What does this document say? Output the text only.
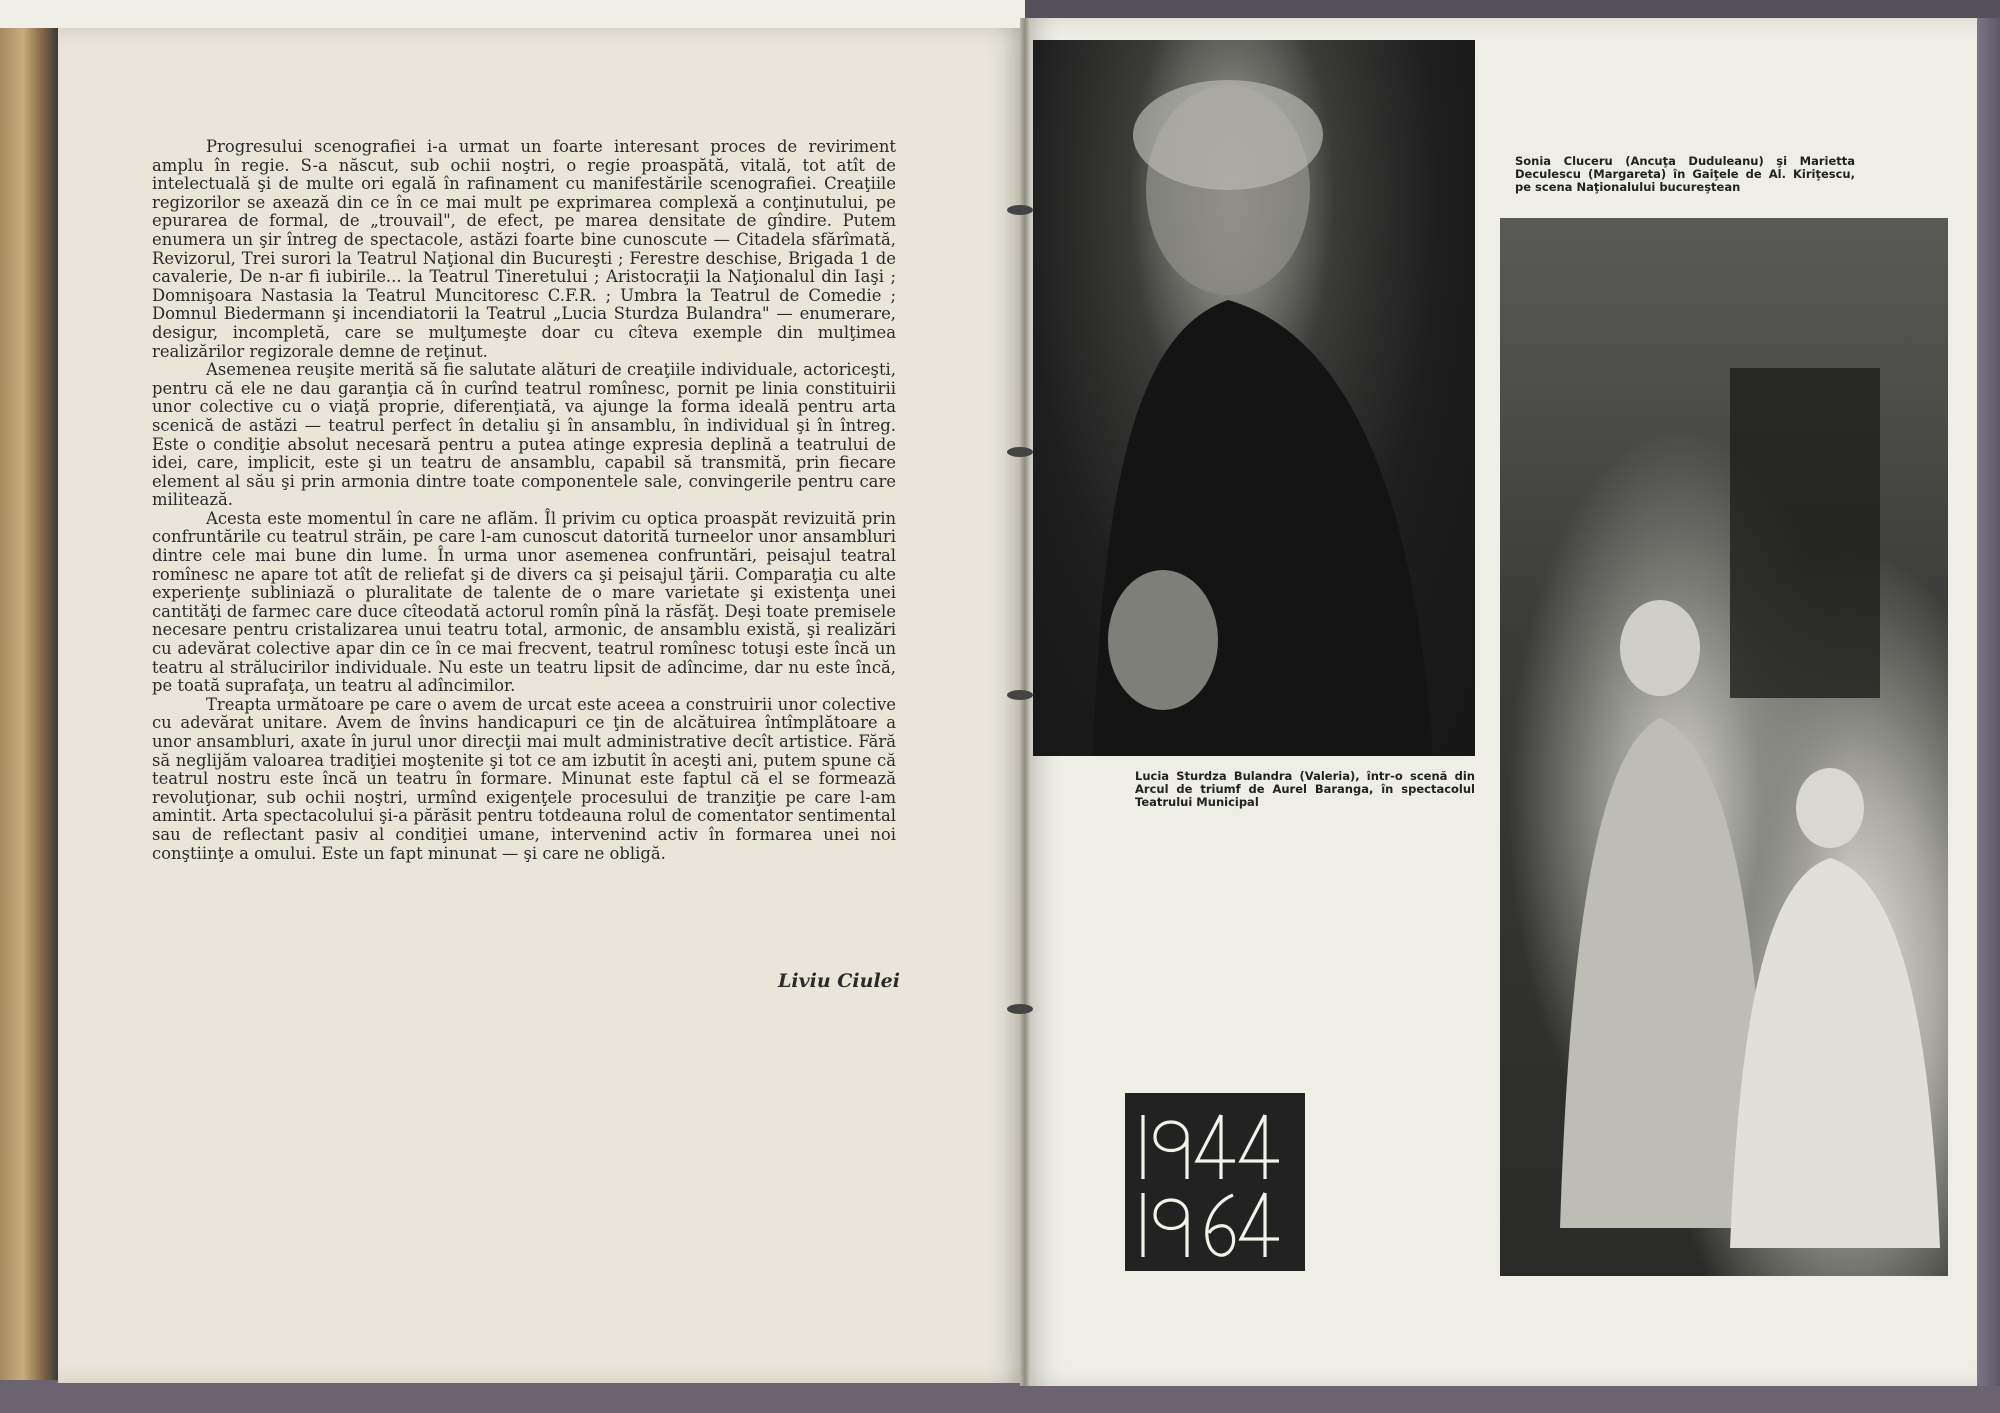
Progresului scenografiei i-a urmat un foarte interesant proces de reviriment amplu în regie. S-a născut, sub ochii noştri, o regie proaspătă, vitală, tot atît de intelectuală şi de multe ori egală în rafinament cu manifestările scenografiei. Creaţiile regizorilor se axează din ce în ce mai mult pe exprimarea complexă a conţinutului, pe epurarea de formal, de „trouvail", de efect, pe marea densitate de gîndire. Putem enumera un şir întreg de spectacole, astăzi foarte bine cunoscute — Citadela sfărîmată, Revizorul, Trei surori la Teatrul Naţional din Bucureşti ; Ferestre deschise, Brigada 1 de cavalerie, De n-ar fi iubirile... la Teatrul Tineretului ; Aristocraţii la Naţionalul din Iaşi ; Domnişoara Nastasia la Teatrul Muncitoresc C.F.R. ; Umbra la Teatrul de Comedie ; Domnul Biedermann şi incendiatorii la Teatrul „Lucia Sturdza Bulandra" — enumerare, desigur, incompletă, care se mulţumeşte doar cu cîteva exemple din mulţimea realizărilor regizorale demne de reţinut.

Asemenea reuşite merită să fie salutate alături de creaţiile individuale, actoriceşti, pentru că ele ne dau garanţia că în curînd teatrul romînesc, pornit pe linia constituirii unor colective cu o viaţă proprie, diferenţiată, va ajunge la forma ideală pentru arta scenică de astăzi — teatrul perfect în detaliu şi în ansamblu, în individual şi în întreg. Este o condiţie absolut necesară pentru a putea atinge expresia deplină a teatrului de idei, care, implicit, este şi un teatru de ansamblu, capabil să transmită, prin fiecare element al său şi prin armonia dintre toate componentele sale, convingerile pentru care militează.

Acesta este momentul în care ne aflăm. Îl privim cu optica proaspăt revizuită prin confruntările cu teatrul străin, pe care l-am cunoscut datorită turneelor unor ansambluri dintre cele mai bune din lume. În urma unor asemenea confruntări, peisajul teatral romînesc ne apare tot atît de reliefat şi de divers ca şi peisajul ţării. Comparaţia cu alte experienţe subliniază o pluralitate de talente de o mare varietate şi existenţa unei cantităţi de farmec care duce cîteodată actorul romîn pînă la răsfăţ. Deşi toate premisele necesare pentru cristalizarea unui teatru total, armonic, de ansamblu există, şi realizări cu adevărat colective apar din ce în ce mai frecvent, teatrul romînesc totuşi este încă un teatru al strălucirilor individuale. Nu este un teatru lipsit de adîncime, dar nu este încă, pe toată suprafaţa, un teatru al adîncimilor.

Treapta următoare pe care o avem de urcat este aceea a construirii unor colective cu adevărat unitare. Avem de învins handicapuri ce ţin de alcătuirea întîmplătoare a unor ansambluri, axate în jurul unor direcţii mai mult administrative decît artistice. Fără să neglijăm valoarea tradiţiei moştenite şi tot ce am izbutit în aceşti ani, putem spune că teatrul nostru este încă un teatru în formare. Minunat este faptul că el se formează revoluţionar, sub ochii noştri, urmînd exigenţele procesului de tranziţie pe care l-am amintit. Arta spectacolului şi-a părăsit pentru totdeauna rolul de comentator sentimental sau de reflectant pasiv al condiţiei umane, intervenind activ în formarea unei noi conştiinţe a omului. Este un fapt minunat — şi care ne obligă.

Liviu Ciulei
Lucia Sturdza Bulandra (Valeria), într-o scenă din Arcul de triumf de Aurel Baranga, în spectacolul Teatrului Municipal
Sonia Cluceru (Ancuţa Duduleanu) şi Marietta Deculescu (Margareta) în Gaiţele de Al. Kiriţescu, pe scena Naţionalului bucureştean
